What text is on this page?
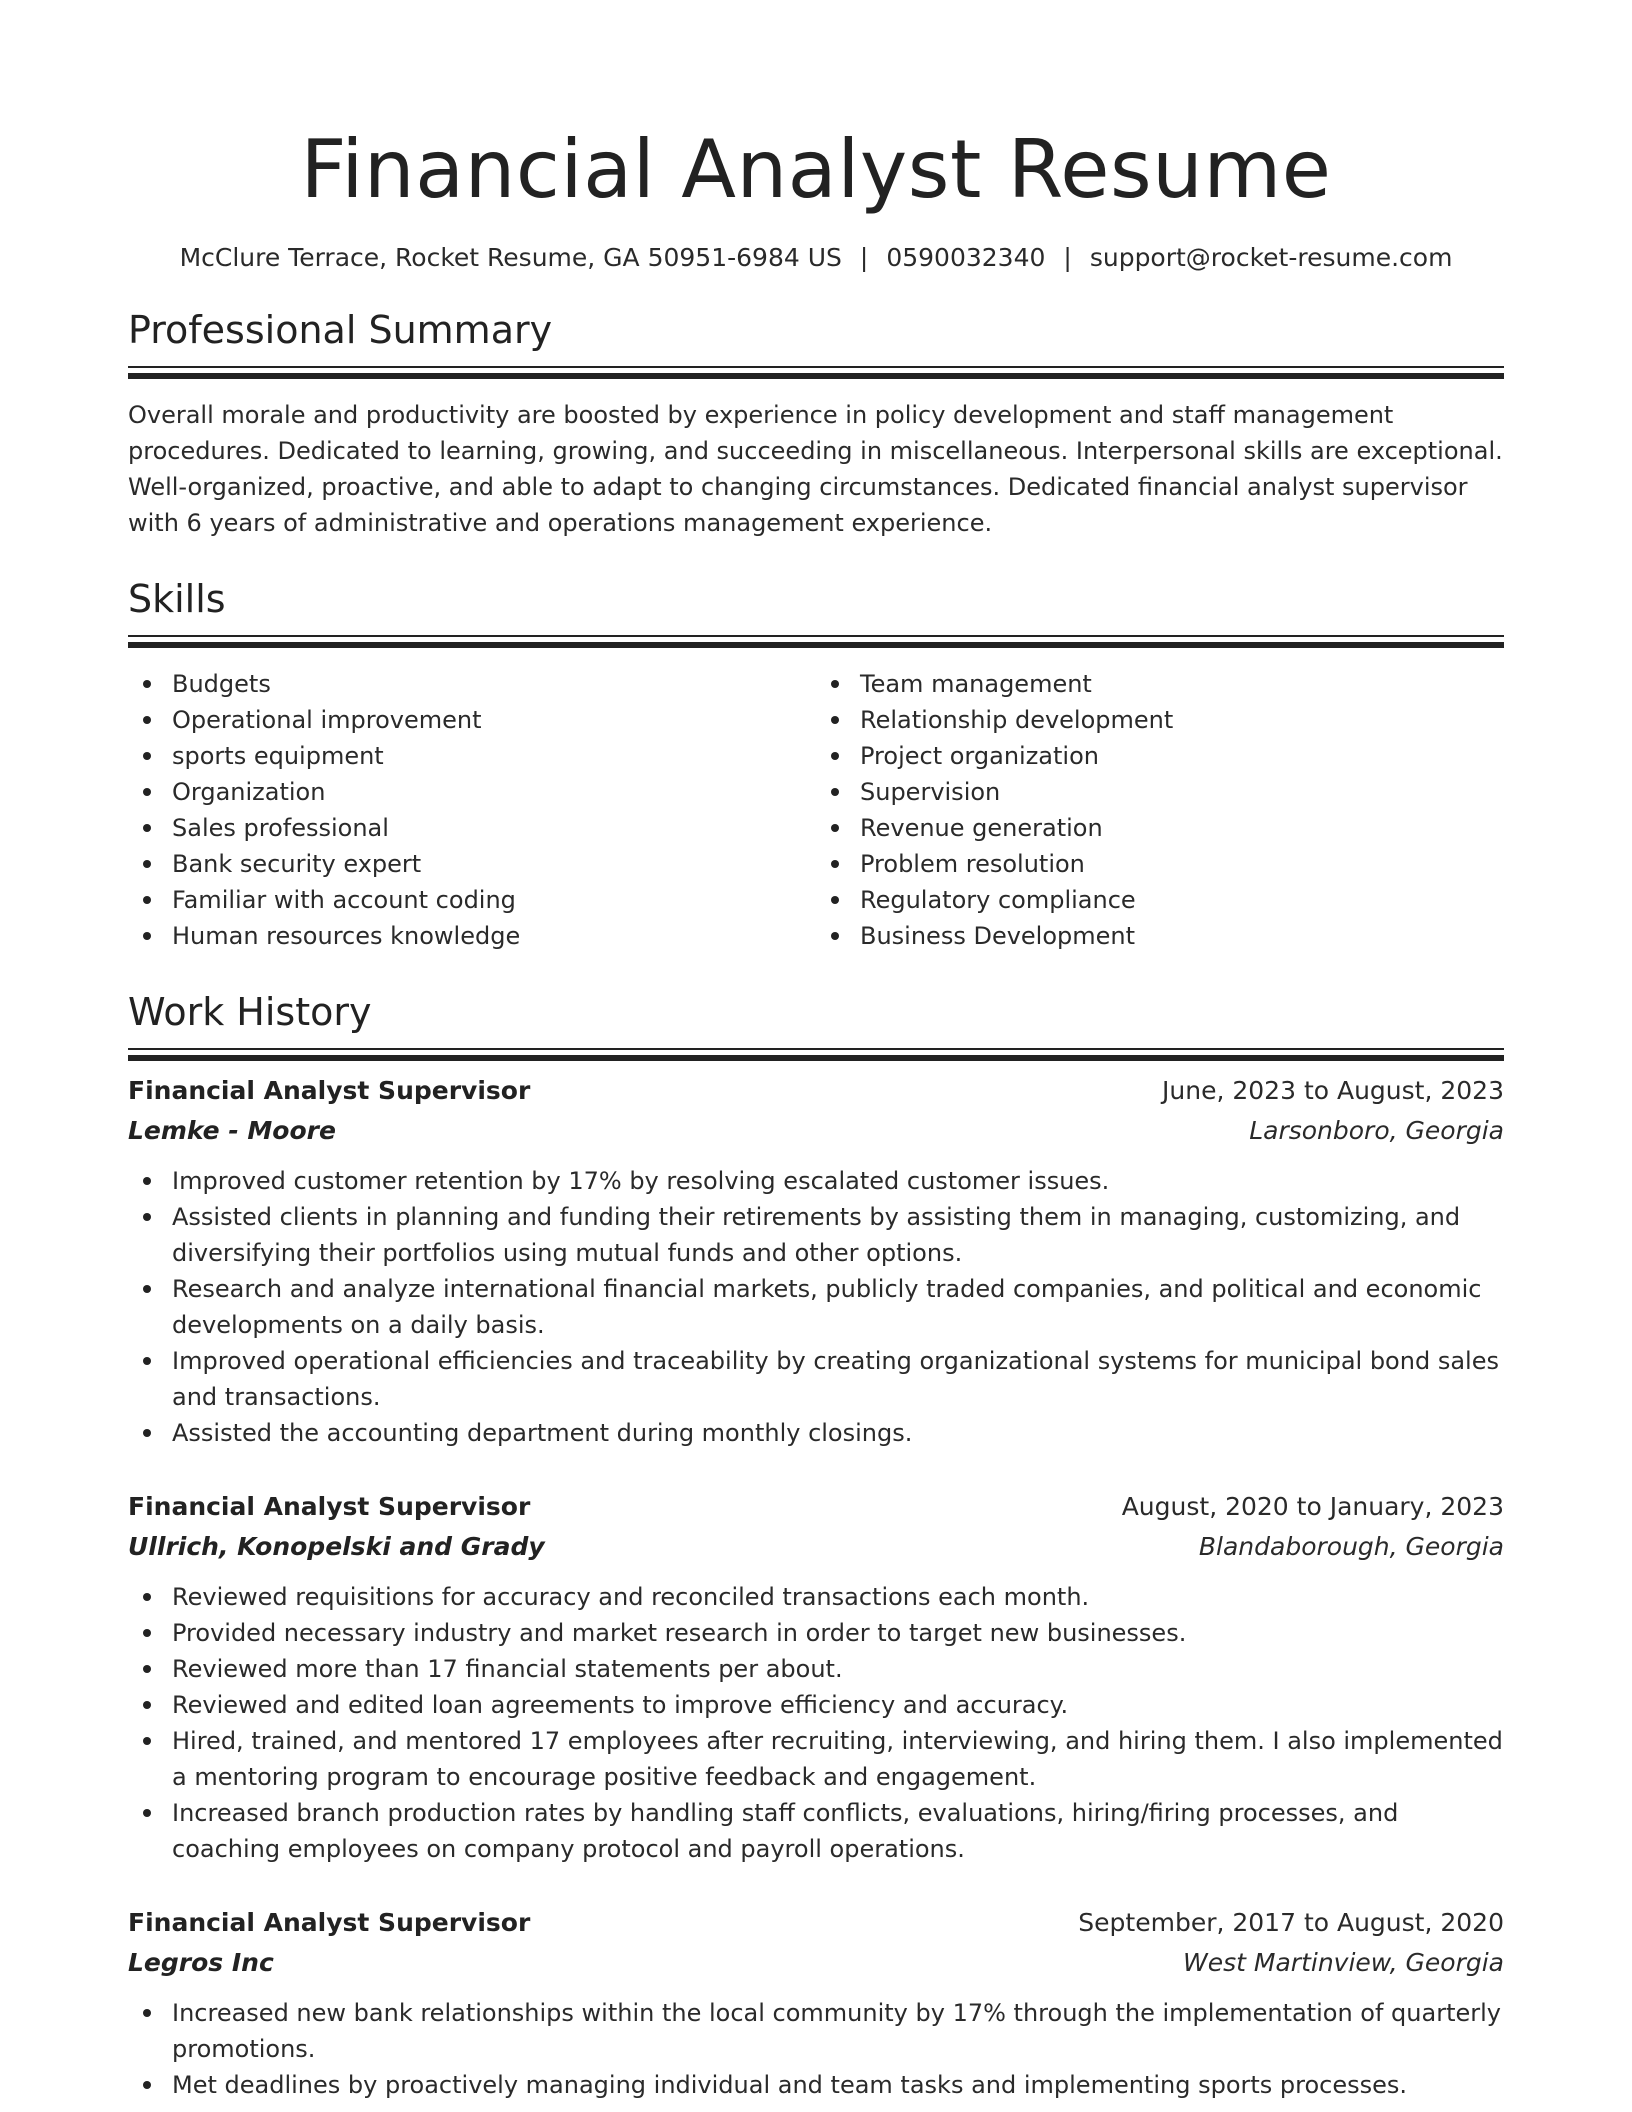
Financial Analyst Resume
McClure Terrace, Rocket Resume, GA 50951-6984 US | 0590032340 | support@rocket-resume.com
Professional Summary
Overall morale and productivity are boosted by experience in policy development and staff management procedures. Dedicated to learning, growing, and succeeding in miscellaneous. Interpersonal skills are exceptional. Well-organized, proactive, and able to adapt to changing circumstances. Dedicated financial analyst supervisor with 6 years of administrative and operations management experience.
Skills
Budgets
Operational improvement
sports equipment
Organization
Sales professional
Bank security expert
Familiar with account coding
Human resources knowledge
Team management
Relationship development
Project organization
Supervision
Revenue generation
Problem resolution
Regulatory compliance
Business Development
Work History
Financial Analyst Supervisor	June, 2023 to August, 2023
Lemke - Moore	Larsonboro, Georgia
Improved customer retention by 17% by resolving escalated customer issues.
Assisted clients in planning and funding their retirements by assisting them in managing, customizing, and diversifying their portfolios using mutual funds and other options.
Research and analyze international financial markets, publicly traded companies, and political and economic developments on a daily basis.
Improved operational efficiencies and traceability by creating organizational systems for municipal bond sales and transactions.
Assisted the accounting department during monthly closings.
Financial Analyst Supervisor	August, 2020 to January, 2023
Ullrich, Konopelski and Grady	Blandaborough, Georgia
Reviewed requisitions for accuracy and reconciled transactions each month.
Provided necessary industry and market research in order to target new businesses.
Reviewed more than 17 financial statements per about.
Reviewed and edited loan agreements to improve efficiency and accuracy.
Hired, trained, and mentored 17 employees after recruiting, interviewing, and hiring them. I also implemented a mentoring program to encourage positive feedback and engagement.
Increased branch production rates by handling staff conflicts, evaluations, hiring/firing processes, and coaching employees on company protocol and payroll operations.
Financial Analyst Supervisor	September, 2017 to August, 2020
Legros Inc	West Martinview, Georgia
Increased new bank relationships within the local community by 17% through the implementation of quarterly promotions.
Met deadlines by proactively managing individual and team tasks and implementing sports processes.
